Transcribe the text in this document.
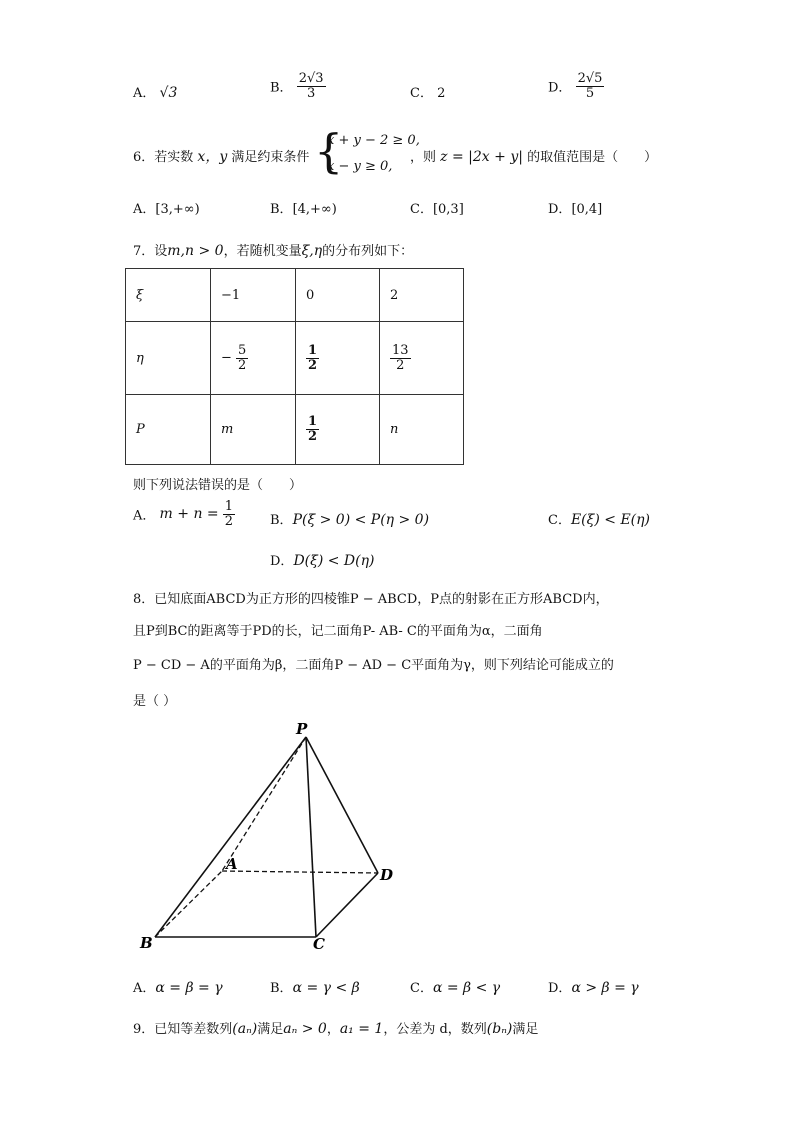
A． √3	B． $\frac{2√3}{3}$	C． 2	D． $\frac{2√5}{5}$
6．若实数 x，y 满足约束条件 {
x + y − 2 ≥ 0,
x − y ≥ 0,
，则 z = |2x + y| 的取值范围是（　　）
A．[3,+∞)	B．[4,+∞)	C．[0,3]	D．[0,4]
7．设m,n > 0，若随机变量ξ,η的分布列如下：
ξ	−1	0	2
η	− $\frac{5}{2}$	$\frac{1}{2}$	$\frac{13}{2}$

P	m	$\frac{1}{2}$	n
则下列说法错误的是（　　）
A． $m + n = \frac{1}{2}$	B．P(ξ > 0) < P(η > 0)	C．E(ξ) < E(η)
D．D(ξ) < D(η)
8．已知底面ABCD为正方形的四棱锥P − ABCD，P点的射影在正方形ABCD内，
且P到BC的距离等于PD的长，记二面角P- AB- C的平面角为α，二面角
P − CD − A的平面角为β，二面角P − AD − C平面角为γ，则下列结论可能成立的
是（ ）
P
A
B	C
D
A．α = β = γ	B．α = γ < β	C．α = β < γ	D．α > β = γ
9．已知等差数列(aₙ)满足aₙ > 0，a₁ = 1，公差为 d，数列(bₙ)满足
